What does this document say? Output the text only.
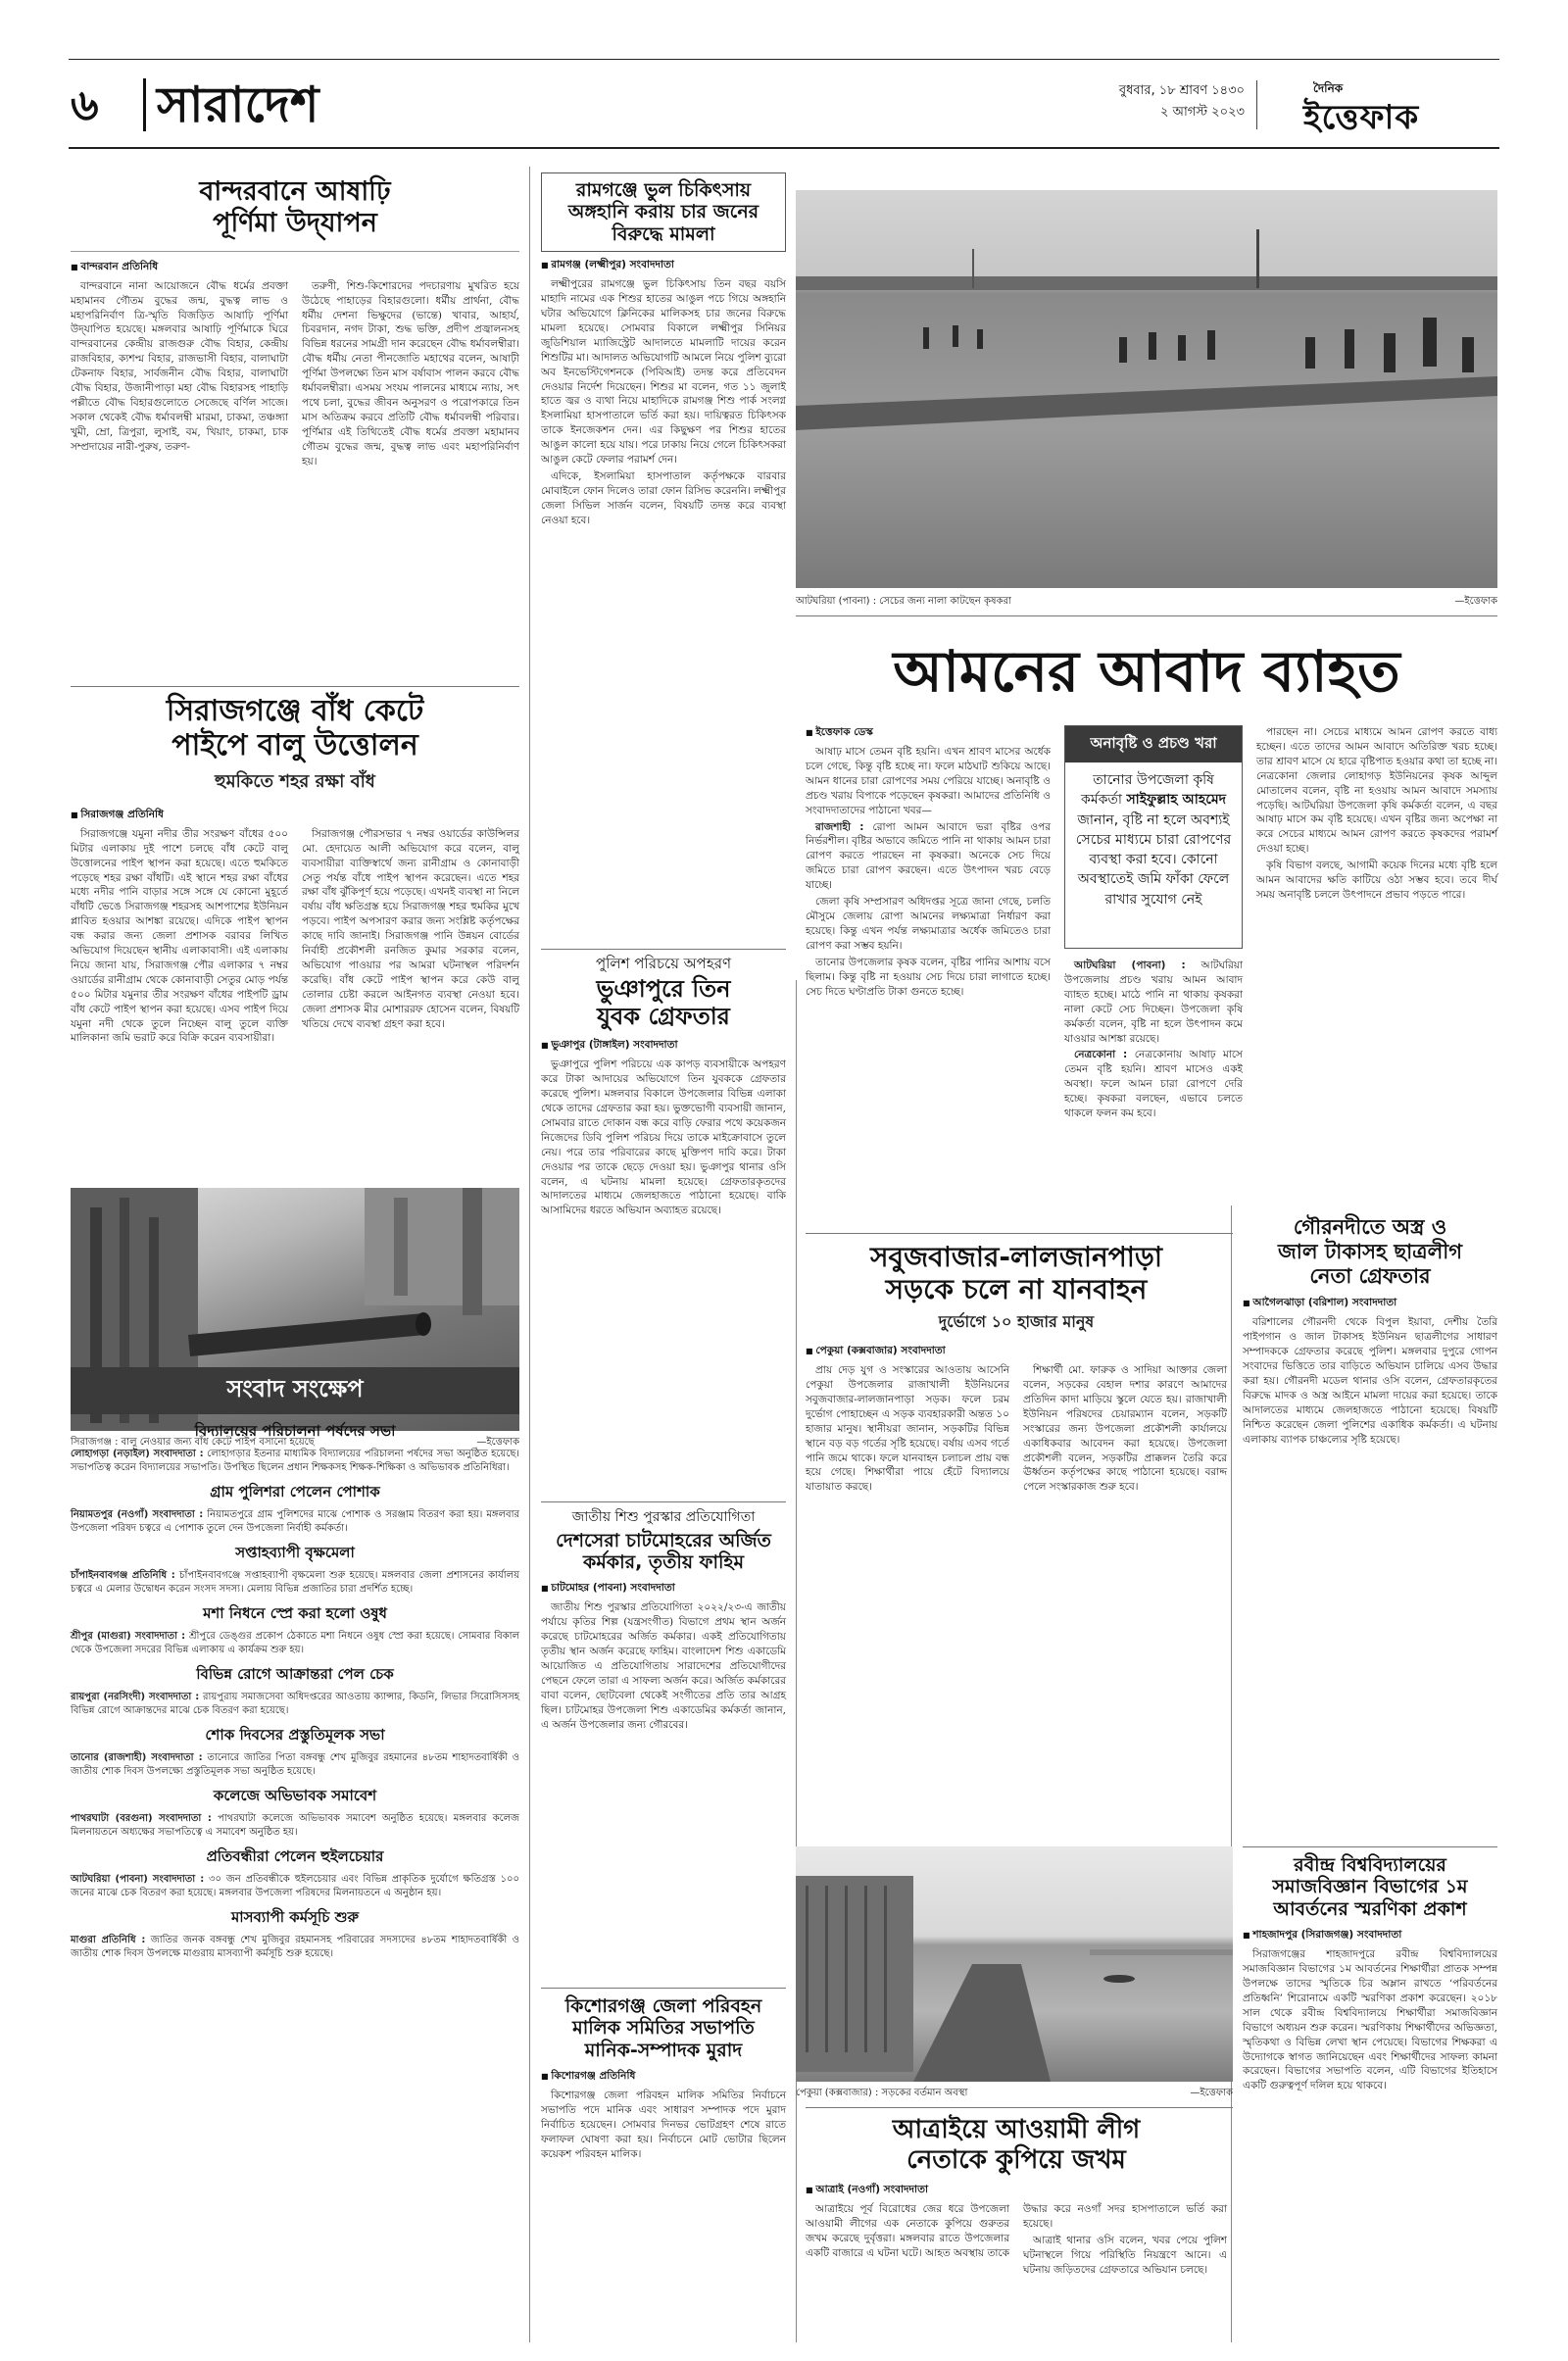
৬	সারাদেশ	বুধবার, ১৮ শ্রাবণ ১৪৩০
২ আগস্ট ২০২৩
দৈনিক
ইত্তেফাক
বান্দরবানে আষাঢ়ি
পূর্ণিমা উদ্‌যাপন
■ বান্দরবান প্রতিনিধি

বান্দরবানে নানা আয়োজনে বৌদ্ধ ধর্মের প্রবক্তা মহামানব গৌতম বুদ্ধের জন্ম, বুদ্ধত্ব লাভ ও মহাপরিনির্বাণ ত্রি-স্মৃতি বিজড়িত আষাঢ়ি পূর্ণিমা উদ্‌যাপিত হয়েছে। মঙ্গলবার আষাঢ়ি পূর্ণিমাকে ঘিরে বান্দরবানের কেন্দ্রীয় রাজগুরু বৌদ্ধ বিহার, কেন্দ্রীয় রাজবিহার, ক্যশপ্ম বিহার, রাজভাসী বিহার, বালাঘাটা টেকনাফ বিহার, সার্বজনীন বৌদ্ধ বিহার, বালাঘাটা বৌদ্ধ বিহার, উজানীপাড়া মহা বৌদ্ধ বিহারসহ পাহাড়ি পল্লীতে বৌদ্ধ বিহারগুলোতে সেজেছে বর্ণিল সাজে। সকাল থেকেই বৌদ্ধ ধর্মাবলম্বী মারমা, চাকমা, তঞ্চঙ্গ্যা খুমী, ম্রো, ত্রিপুরা, লুসাই, বম, খিয়াং, চাকমা, চাক সম্প্রদায়ের নারী-পুরুষ, তরুণ-

তরুণী, শিশু-কিশোরদের পদচারণায় মুখরিত হয়ে উঠেছে পাহাড়ের বিহারগুলো। ধর্মীয় প্রার্থনা, বৌদ্ধ ধর্মীয় দেশনা ভিক্ষুদের (ভান্তে) খাবার, আহার্য, চিবরদান, নগদ টাকা, শুদ্ধ ভক্তি, প্রদীপ প্রজ্বালনসহ বিভিন্ন ধরনের সামগ্রী দান করেছেন বৌদ্ধ ধর্মাবলম্বীরা। বৌদ্ধ ধর্মীয় নেতা পীনজোতি মহাথের বলেন, আষাঢ়ী পূর্ণিমা উপলক্ষ্যে তিন মাস বর্ষাবাস পালন করবে বৌদ্ধ ধর্মাবলম্বীরা। এসময় সংযম পালনের মাধ্যমে ন্যায়, সৎ পথে চলা, বুদ্ধের জীবন অনুসরণ ও পরোপকারে তিন মাস অতিক্রম করবে প্রতিটি বৌদ্ধ ধর্মাবলম্বী পরিবার। পূর্ণিমার এই তিথিতেই বৌদ্ধ ধর্মের প্রবক্তা মহামানব গৌতম বুদ্ধের জন্ম, বুদ্ধত্ব লাভ এবং মহাপরিনির্বাণ হয়।

সিরাজগঞ্জে বাঁধ কেটে
পাইপে বালু উত্তোলন
হুমকিতে শহর রক্ষা বাঁধ
■ সিরাজগঞ্জ প্রতিনিধি

সিরাজগঞ্জে যমুনা নদীর তীর সংরক্ষণ বাঁধের ৫০০ মিটার এলাকায় দুই পাশে চলছে বাঁধ কেটে বালু উত্তোলনের পাইপ স্থাপন করা হয়েছে। এতে হুমকিতে পড়েছে শহর রক্ষা বাঁধটি। এই স্থানে শহর রক্ষা বাঁধের মধ্যে নদীর পানি বাড়ার সঙ্গে সঙ্গে যে কোনো মুহূর্তে বাঁধটি ভেঙে সিরাজগঞ্জ শহরসহ আশপাশের ইউনিয়ন প্লাবিত হওয়ার আশঙ্কা রয়েছে। এদিকে পাইপ স্থাপন বন্ধ করার জন্য জেলা প্রশাসক বরাবর লিখিত অভিযোগ দিয়েছেন স্থানীয় এলাকাবাসী। এই এলাকায় নিয়ে জানা যায়, সিরাজগঞ্জ পৌর এলাকার ৭ নম্বর ওয়ার্ডের রানীগ্রাম থেকে কোনাবাড়ী সেতুর মোড় পর্যন্ত ৫০০ মিটার যমুনার তীর সংরক্ষণ বাঁধের পাইপটি ড্রাম বাঁধ কেটে পাইপ স্থাপন করা হয়েছে। এসব পাইপ দিয়ে যমুনা নদী থেকে তুলে নিচ্ছেন বালু তুলে ব্যক্তি মালিকানা জমি ভরাট করে বিক্রি করেন ব্যবসায়ীরা।

সিরাজগঞ্জ পৌরসভার ৭ নম্বর ওয়ার্ডের কাউন্সিলর মো. হেদায়েত আলী অভিযোগ করে বলেন, বালু ব্যবসায়ীরা ব্যক্তিস্বার্থে জন্য রানীগ্রাম ও কোনাবাড়ী সেতু পর্যন্ত বাঁধে পাইপ স্থাপন করেছেন। এতে শহর রক্ষা বাঁধ ঝুঁকিপূর্ণ হয়ে পড়েছে। এখনই ব্যবস্থা না নিলে বর্ষায় বাঁধ ক্ষতিগ্রস্ত হয়ে সিরাজগঞ্জ শহর হুমকির মুখে পড়বে। পাইপ অপসারণ করার জন্য সংশ্লিষ্ট কর্তৃপক্ষের কাছে দাবি জানাই। সিরাজগঞ্জ পানি উন্নয়ন বোর্ডের নির্বাহী প্রকৌশলী রনজিত কুমার সরকার বলেন, অভিযোগ পাওয়ার পর আমরা ঘটনাস্থল পরিদর্শন করেছি। বাঁধ কেটে পাইপ স্থাপন করে কেউ বালু তোলার চেষ্টা করলে আইনগত ব্যবস্থা নেওয়া হবে। জেলা প্রশাসক মীর মোশাররফ হোসেন বলেন, বিষয়টি খতিয়ে দেখে ব্যবস্থা গ্রহণ করা হবে।

সিরাজগঞ্জ : বালু নেওয়ার জন্য বাঁধ কেটে পাইপ বসানো হয়েছে	—ইত্তেফাক
সংবাদ সংক্ষেপ
বিদ্যালয়ের পরিচালনা পর্ষদের সভা
লোহাগড়া (নড়াইল) সংবাদদাতা : লোহাগড়ার ইতনার মাধ্যমিক বিদ্যালয়ের পরিচালনা পর্ষদের সভা অনুষ্ঠিত হয়েছে। সভাপতিত্ব করেন বিদ্যালয়ের সভাপতি। উপস্থিত ছিলেন প্রধান শিক্ষকসহ শিক্ষক-শিক্ষিকা ও অভিভাবক প্রতিনিধিরা।
গ্রাম পুলিশরা পেলেন পোশাক
নিয়ামতপুর (নওগাঁ) সংবাদদাতা : নিয়ামতপুরে গ্রাম পুলিশদের মাঝে পোশাক ও সরঞ্জাম বিতরণ করা হয়। মঙ্গলবার উপজেলা পরিষদ চত্বরে এ পোশাক তুলে দেন উপজেলা নির্বাহী কর্মকর্তা।
সপ্তাহব্যাপী বৃক্ষমেলা
চাঁপাইনবাবগঞ্জ প্রতিনিধি : চাঁপাইনবাবগঞ্জে সপ্তাহব্যাপী বৃক্ষমেলা শুরু হয়েছে। মঙ্গলবার জেলা প্রশাসনের কার্যালয় চত্বরে এ মেলার উদ্বোধন করেন সংসদ সদস্য। মেলায় বিভিন্ন প্রজাতির চারা প্রদর্শিত হচ্ছে।
মশা নিধনে স্প্রে করা হলো ওষুধ
শ্রীপুর (মাগুরা) সংবাদদাতা : শ্রীপুরে ডেঙ্গুর প্রকোপ ঠেকাতে মশা নিধনে ওষুধ স্প্রে করা হয়েছে। সোমবার বিকাল থেকে উপজেলা সদরের বিভিন্ন এলাকায় এ কার্যক্রম শুরু হয়।
বিভিন্ন রোগে আক্রান্তরা পেল চেক
রায়পুরা (নরসিংদী) সংবাদদাতা : রায়পুরায় সমাজসেবা অধিদপ্তরের আওতায় ক্যান্সার, কিডনি, লিভার সিরোসিসসহ বিভিন্ন রোগে আক্রান্তদের মাঝে চেক বিতরণ করা হয়েছে।
শোক দিবসের প্রস্তুতিমূলক সভা
তানোর (রাজশাহী) সংবাদদাতা : তানোরে জাতির পিতা বঙ্গবন্ধু শেখ মুজিবুর রহমানের ৪৮তম শাহাদতবার্ষিকী ও জাতীয় শোক দিবস উপলক্ষ্যে প্রস্তুতিমূলক সভা অনুষ্ঠিত হয়েছে।
কলেজে অভিভাবক সমাবেশ
পাথরঘাটা (বরগুনা) সংবাদদাতা : পাথরঘাটা কলেজে অভিভাবক সমাবেশ অনুষ্ঠিত হয়েছে। মঙ্গলবার কলেজ মিলনায়তনে অধ্যক্ষের সভাপতিত্বে এ সমাবেশ অনুষ্ঠিত হয়।
প্রতিবন্ধীরা পেলেন হুইলচেয়ার
আটঘরিয়া (পাবনা) সংবাদদাতা : ৩০ জন প্রতিবন্ধীকে হুইলচেয়ার এবং বিভিন্ন প্রাকৃতিক দুর্যোগে ক্ষতিগ্রস্ত ১০০ জনের মাঝে চেক বিতরণ করা হয়েছে। মঙ্গলবার উপজেলা পরিষদের মিলনায়তনে এ অনুষ্ঠান হয়।
মাসব্যাপী কর্মসূচি শুরু
মাগুরা প্রতিনিধি : জাতির জনক বঙ্গবন্ধু শেখ মুজিবুর রহমানসহ পরিবারের সদস্যদের ৪৮তম শাহাদতবার্ষিকী ও জাতীয় শোক দিবস উপলক্ষে মাগুরায় মাসব্যাপী কর্মসূচি শুরু হয়েছে।
রামগঞ্জে ভুল চিকিৎসায়
অঙ্গহানি করায় চার জনের
বিরুদ্ধে মামলা
■ রামগঞ্জ (লক্ষ্মীপুর) সংবাদদাতা

লক্ষ্মীপুরের রামগঞ্জে ভুল চিকিৎসায় তিন বছর বয়সি মাহাদি নামের এক শিশুর হাতের আঙুল পচে গিয়ে অঙ্গহানি ঘটার অভিযোগে ক্লিনিকের মালিকসহ চার জনের বিরুদ্ধে মামলা হয়েছে। সোমবার বিকালে লক্ষ্মীপুর সিনিয়র জুডিশিয়াল ম্যাজিস্ট্রেট আদালতে মামলাটি দায়ের করেন শিশুটির মা। আদালত অভিযোগটি আমলে নিয়ে পুলিশ ব্যুরো অব ইনভেস্টিগেশনকে (পিবিআই) তদন্ত করে প্রতিবেদন দেওয়ার নির্দেশ দিয়েছেন। শিশুর মা বলেন, গত ১১ জুলাই হাতে জ্বর ও ব্যথা নিয়ে মাহাদিকে রামগঞ্জ শিশু পার্ক সংলগ্ন ইসলামিয়া হাসপাতালে ভর্তি করা হয়। দায়িত্বরত চিকিৎসক তাকে ইনজেকশন দেন। এর কিছুক্ষণ পর শিশুর হাতের আঙুল কালো হয়ে যায়। পরে ঢাকায় নিয়ে গেলে চিকিৎসকরা আঙুল কেটে ফেলার পরামর্শ দেন।

এদিকে, ইসলামিয়া হাসপাতাল কর্তৃপক্ষকে বারবার মোবাইলে ফোন দিলেও তারা ফোন রিসিভ করেননি। লক্ষ্মীপুর জেলা সিভিল সার্জন বলেন, বিষয়টি তদন্ত করে ব্যবস্থা নেওয়া হবে।

পুলিশ পরিচয়ে অপহরণ
ভুঞাপুরে তিন
যুবক গ্রেফতার
■ ভুঞাপুর (টাঙ্গাইল) সংবাদদাতা

ভুঞাপুরে পুলিশ পরিচয়ে এক কাপড় ব্যবসায়ীকে অপহরণ করে টাকা আদায়ের অভিযোগে তিন যুবককে গ্রেফতার করেছে পুলিশ। মঙ্গলবার বিকালে উপজেলার বিভিন্ন এলাকা থেকে তাদের গ্রেফতার করা হয়। ভুক্তভোগী ব্যবসায়ী জানান, সোমবার রাতে দোকান বন্ধ করে বাড়ি ফেরার পথে কয়েকজন নিজেদের ডিবি পুলিশ পরিচয় দিয়ে তাকে মাইক্রোবাসে তুলে নেয়। পরে তার পরিবারের কাছে মুক্তিপণ দাবি করে। টাকা দেওয়ার পর তাকে ছেড়ে দেওয়া হয়। ভুঞাপুর থানার ওসি বলেন, এ ঘটনায় মামলা হয়েছে। গ্রেফতারকৃতদের আদালতের মাধ্যমে জেলহাজতে পাঠানো হয়েছে। বাকি আসামিদের ধরতে অভিযান অব্যাহত রয়েছে।

জাতীয় শিশু পুরস্কার প্রতিযোগিতা
দেশসেরা চাটমোহরের অর্জিত
কর্মকার, তৃতীয় ফাহিম
■ চাটমোহর (পাবনা) সংবাদদাতা

জাতীয় শিশু পুরস্কার প্রতিযোগিতা ২০২২/২৩-এ জাতীয় পর্যায়ে কৃতির শিল্প (যন্ত্রসংগীত) বিভাগে প্রথম স্থান অর্জন করেছে চাটমোহরের অর্জিত কর্মকার। একই প্রতিযোগিতায় তৃতীয় স্থান অর্জন করেছে ফাহিম। বাংলাদেশ শিশু একাডেমি আয়োজিত এ প্রতিযোগিতায় সারাদেশের প্রতিযোগীদের পেছনে ফেলে তারা এ সাফল্য অর্জন করে। অর্জিত কর্মকারের বাবা বলেন, ছোটবেলা থেকেই সংগীতের প্রতি তার আগ্রহ ছিল। চাটমোহর উপজেলা শিশু একাডেমির কর্মকর্তা জানান, এ অর্জন উপজেলার জন্য গৌরবের।

কিশোরগঞ্জ জেলা পরিবহন
মালিক সমিতির সভাপতি
মানিক-সম্পাদক মুরাদ
■ কিশোরগঞ্জ প্রতিনিধি

কিশোরগঞ্জ জেলা পরিবহন মালিক সমিতির নির্বাচনে সভাপতি পদে মানিক এবং সাধারণ সম্পাদক পদে মুরাদ নির্বাচিত হয়েছেন। সোমবার দিনভর ভোটগ্রহণ শেষে রাতে ফলাফল ঘোষণা করা হয়। নির্বাচনে মোট ভোটার ছিলেন কয়েকশ পরিবহন মালিক।

আটঘরিয়া (পাবনা) : সেচের জন্য নালা কাটছেন কৃষকরা	—ইত্তেফাক
আমনের আবাদ ব্যাহত
■ ইত্তেফাক ডেস্ক

আষাঢ় মাসে তেমন বৃষ্টি হয়নি। এখন শ্রাবণ মাসের অর্ধেক চলে গেছে, কিন্তু বৃষ্টি হচ্ছে না। ফলে মাঠঘাট শুকিয়ে আছে। আমন ধানের চারা রোপণের সময় পেরিয়ে যাচ্ছে। অনাবৃষ্টি ও প্রচণ্ড খরায় বিপাকে পড়েছেন কৃষকরা। আমাদের প্রতিনিধি ও সংবাদদাতাদের পাঠানো খবর—

রাজশাহী : রোপা আমন আবাদে ভরা বৃষ্টির ওপর নির্ভরশীল। বৃষ্টির অভাবে জমিতে পানি না থাকায় আমন চারা রোপণ করতে পারছেন না কৃষকরা। অনেকে সেচ দিয়ে জমিতে চারা রোপণ করছেন। এতে উৎপাদন খরচ বেড়ে যাচ্ছে।

জেলা কৃষি সম্প্রসারণ অধিদপ্তর সূত্রে জানা গেছে, চলতি মৌসুমে জেলায় রোপা আমনের লক্ষ্যমাত্রা নির্ধারণ করা হয়েছে। কিন্তু এখন পর্যন্ত লক্ষ্যমাত্রার অর্ধেক জমিতেও চারা রোপণ করা সম্ভব হয়নি।

তানোর উপজেলার কৃষক বলেন, বৃষ্টির পানির আশায় বসে ছিলাম। কিন্তু বৃষ্টি না হওয়ায় সেচ দিয়ে চারা লাগাতে হচ্ছে। সেচ দিতে ঘণ্টাপ্রতি টাকা গুনতে হচ্ছে।

অনাবৃষ্টি ও প্রচণ্ড খরা
তানোর উপজেলা কৃষি কর্মকর্তা সাইফুল্লাহ আহমেদ জানান, বৃষ্টি না হলে অবশ্যই সেচের মাধ্যমে চারা রোপণের ব্যবস্থা করা হবে। কোনো অবস্থাতেই জমি ফাঁকা ফেলে রাখার সুযোগ নেই

আটঘরিয়া (পাবনা) : আটঘরিয়া উপজেলায় প্রচণ্ড খরায় আমন আবাদ ব্যাহত হচ্ছে। মাঠে পানি না থাকায় কৃষকরা নালা কেটে সেচ দিচ্ছেন। উপজেলা কৃষি কর্মকর্তা বলেন, বৃষ্টি না হলে উৎপাদন কমে যাওয়ার আশঙ্কা রয়েছে।

নেত্রকোনা : নেত্রকোনায় আষাঢ় মাসে তেমন বৃষ্টি হয়নি। শ্রাবণ মাসেও একই অবস্থা। ফলে আমন চারা রোপণে দেরি হচ্ছে। কৃষকরা বলছেন, এভাবে চলতে থাকলে ফলন কম হবে।

পারছেন না। সেচের মাধ্যমে আমন রোপণ করতে বাধ্য হচ্ছেন। এতে তাদের আমন আবাদে অতিরিক্ত খরচ হচ্ছে। তার শ্রাবণ মাসে যে হারে বৃষ্টিপাত হওয়ার কথা তা হচ্ছে না। নেত্রকোনা জেলার লোহাগড় ইউনিয়নের কৃষক আব্দুল মোতালেব বলেন, বৃষ্টি না হওয়ায় আমন আবাদে সমস্যায় পড়েছি। আটঘরিয়া উপজেলা কৃষি কর্মকর্তা বলেন, এ বছর আষাঢ় মাসে কম বৃষ্টি হয়েছে। এখন বৃষ্টির জন্য অপেক্ষা না করে সেচের মাধ্যমে আমন রোপণ করতে কৃষকদের পরামর্শ দেওয়া হচ্ছে।

কৃষি বিভাগ বলছে, আগামী কয়েক দিনের মধ্যে বৃষ্টি হলে আমন আবাদের ক্ষতি কাটিয়ে ওঠা সম্ভব হবে। তবে দীর্ঘ সময় অনাবৃষ্টি চললে উৎপাদনে প্রভাব পড়তে পারে।

সবুজবাজার-লালজানপাড়া
সড়কে চলে না যানবাহন
দুর্ভোগে ১০ হাজার মানুষ
■ পেকুয়া (কক্সবাজার) সংবাদদাতা

প্রায় দেড় যুগ ও সংস্কারের আওতায় আসেনি পেকুয়া উপজেলার রাজাখালী ইউনিয়নের সবুজবাজার-লালজানপাড়া সড়ক। ফলে চরম দুর্ভোগ পোহাচ্ছেন এ সড়ক ব্যবহারকারী অন্তত ১০ হাজার মানুষ। স্থানীয়রা জানান, সড়কটির বিভিন্ন স্থানে বড় বড় গর্তের সৃষ্টি হয়েছে। বর্ষায় এসব গর্তে পানি জমে থাকে। ফলে যানবাহন চলাচল প্রায় বন্ধ হয়ে গেছে। শিক্ষার্থীরা পায়ে হেঁটে বিদ্যালয়ে যাতায়াত করছে।

শিক্ষার্থী মো. ফারুক ও সাদিয়া আক্তার জেলা বলেন, সড়কের বেহাল দশার কারণে আমাদের প্রতিদিন কাদা মাড়িয়ে স্কুলে যেতে হয়। রাজাখালী ইউনিয়ন পরিষদের চেয়ারম্যান বলেন, সড়কটি সংস্কারের জন্য উপজেলা প্রকৌশলী কার্যালয়ে একাধিকবার আবেদন করা হয়েছে। উপজেলা প্রকৌশলী বলেন, সড়কটির প্রাক্কলন তৈরি করে ঊর্ধ্বতন কর্তৃপক্ষের কাছে পাঠানো হয়েছে। বরাদ্দ পেলে সংস্কারকাজ শুরু হবে।

পেকুয়া (কক্সবাজার) : সড়কের বর্তমান অবস্থা	—ইত্তেফাক
আত্রাইয়ে আওয়ামী লীগ
নেতাকে কুপিয়ে জখম
■ আত্রাই (নওগাঁ) সংবাদদাতা

আত্রাইয়ে পূর্ব বিরোধের জের ধরে উপজেলা আওয়ামী লীগের এক নেতাকে কুপিয়ে গুরুতর জখম করেছে দুর্বৃত্তরা। মঙ্গলবার রাতে উপজেলার একটি বাজারে এ ঘটনা ঘটে। আহত অবস্থায় তাকে উদ্ধার করে নওগাঁ সদর হাসপাতালে ভর্তি করা হয়েছে।

আত্রাই থানার ওসি বলেন, খবর পেয়ে পুলিশ ঘটনাস্থলে গিয়ে পরিস্থিতি নিয়ন্ত্রণে আনে। এ ঘটনায় জড়িতদের গ্রেফতারে অভিযান চলছে।

গৌরনদীতে অস্ত্র ও
জাল টাকাসহ ছাত্রলীগ
নেতা গ্রেফতার
■ আগৈলঝাড়া (বরিশাল) সংবাদদাতা

বরিশালের গৌরনদী থেকে বিপুল ইয়াবা, দেশীয় তৈরি পাইপগান ও জাল টাকাসহ ইউনিয়ন ছাত্রলীগের সাধারণ সম্পাদককে গ্রেফতার করেছে পুলিশ। মঙ্গলবার দুপুরে গোপন সংবাদের ভিত্তিতে তার বাড়িতে অভিযান চালিয়ে এসব উদ্ধার করা হয়। গৌরনদী মডেল থানার ওসি বলেন, গ্রেফতারকৃতের বিরুদ্ধে মাদক ও অস্ত্র আইনে মামলা দায়ের করা হয়েছে। তাকে আদালতের মাধ্যমে জেলহাজতে পাঠানো হয়েছে। বিষয়টি নিশ্চিত করেছেন জেলা পুলিশের একাধিক কর্মকর্তা। এ ঘটনায় এলাকায় ব্যাপক চাঞ্চল্যের সৃষ্টি হয়েছে।

রবীন্দ্র বিশ্ববিদ্যালয়ের
সমাজবিজ্ঞান বিভাগের ১ম
আবর্তনের স্মরণিকা প্রকাশ
■ শাহজাদপুর (সিরাজগঞ্জ) সংবাদদাতা

সিরাজগঞ্জের শাহজাদপুরে রবীন্দ্র বিশ্ববিদ্যালয়ের সমাজবিজ্ঞান বিভাগের ১ম আবর্তনের শিক্ষার্থীরা প্রাতক সম্পন্ন উপলক্ষে তাদের স্মৃতিকে চির অম্লান রাখতে ‘পরিবর্তনের প্রতিধ্বনি’ শিরোনামে একটি স্মরণিকা প্রকাশ করেছেন। ২০১৮ সাল থেকে রবীন্দ্র বিশ্ববিদ্যালয়ে শিক্ষার্থীরা সমাজবিজ্ঞান বিভাগে অধ্যয়ন শুরু করেন। স্মরণিকায় শিক্ষার্থীদের অভিজ্ঞতা, স্মৃতিকথা ও বিভিন্ন লেখা স্থান পেয়েছে। বিভাগের শিক্ষকরা এ উদ্যোগকে স্বাগত জানিয়েছেন এবং শিক্ষার্থীদের সাফল্য কামনা করেছেন। বিভাগের সভাপতি বলেন, এটি বিভাগের ইতিহাসে একটি গুরুত্বপূর্ণ দলিল হয়ে থাকবে।
